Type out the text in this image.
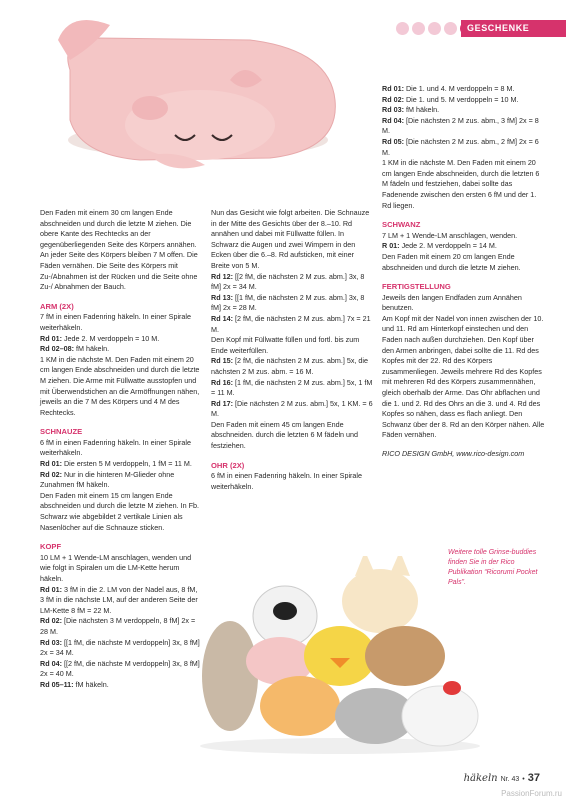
GESCHENKE

Den Faden mit einem 30 cm langen Ende abschneiden und durch die letzte M ziehen. Die obere Kante des Rechtecks an der gegenüberliegenden Seite des Körpers annähen. An jeder Seite des Körpers bleiben 7 M offen. Die Fäden vernähen. Die Seite des Körpers mit Zu-/Abnahmen ist der Rücken und die Seite ohne Zu-/ Abnahmen der Bauch.

ARM (2X)

7 fM in einen Fadenring häkeln. In einer Spirale weiterhäkeln.

Rd 01: Jede 2. M verdoppeln = 10 M.

Rd 02–08: fM häkeln.

1 KM in die nächste M. Den Faden mit einem 20 cm langen Ende abschneiden und durch die letzte M ziehen. Die Arme mit Füllwatte ausstopfen und mit Überwendstichen an die Armöffnungen nähen, jeweils an die 7 M des Körpers und 4 M des Rechtecks.

SCHNAUZE

6 fM in einen Fadenring häkeln. In einer Spirale weiterhäkeln.

Rd 01: Die ersten 5 M verdoppeln, 1 fM = 11 M.

Rd 02: Nur in die hinteren M-Glieder ohne Zunahmen fM häkeln.

Den Faden mit einem 15 cm langen Ende abschneiden und durch die letzte M ziehen. In Fb. Schwarz wie abgebildet 2 vertikale Linien als Nasenlöcher auf die Schnauze sticken.

KOPF

10 LM + 1 Wende-LM anschlagen, wenden und wie folgt in Spiralen um die LM-Kette herum häkeln.

Rd 01: 3 fM in die 2. LM von der Nadel aus, 8 fM, 3 fM in die nächste LM, auf der anderen Seite der LM-Kette 8 fM = 22 M.

Rd 02: [Die nächsten 3 M verdoppeln, 8 fM] 2x = 28 M.

Rd 03: [[1 fM, die nächste M verdoppeln] 3x, 8 fM] 2x = 34 M.

Rd 04: [[2 fM, die nächste M verdoppeln] 3x, 8 fM] 2x = 40 M.

Rd 05–11: fM häkeln.

Nun das Gesicht wie folgt arbeiten. Die Schnauze in der Mitte des Gesichts über der 8.–10. Rd annähen und dabei mit Füllwatte füllen. In Schwarz die Augen und zwei Wimpern in den Ecken über die 6.–8. Rd aufsticken, mit einer Breite von 5 M.

Rd 12: [[2 fM, die nächsten 2 M zus. abm.] 3x, 8 fM] 2x = 34 M.

Rd 13: [[1 fM, die nächsten 2 M zus. abm.] 3x, 8 fM] 2x = 28 M.

Rd 14: [2 fM, die nächsten 2 M zus. abm.] 7x = 21 M.

Den Kopf mit Füllwatte füllen und fortl. bis zum Ende weiterfüllen.

Rd 15: [2 fM, die nächsten 2 M zus. abm.] 5x, die nächsten 2 M zus. abm. = 16 M.

Rd 16: [1 fM, die nächsten 2 M zus. abm.] 5x, 1 fM = 11 M.

Rd 17: [Die nächsten 2 M zus. abm.] 5x, 1 KM. = 6 M.

Den Faden mit einem 45 cm langen Ende abschneiden. durch die letzten 6 M fädeln und festziehen.

OHR (2X)

6 fM in einen Fadenring häkeln. In einer Spirale weiterhäkeln.

Rd 01: Die 1. und 4. M verdoppeln = 8 M.

Rd 02: Die 1. und 5. M verdoppeln = 10 M.

Rd 03: fM häkeln.

Rd 04: [Die nächsten 2 M zus. abm., 3 fM] 2x = 8 M.

Rd 05: [Die nächsten 2 M zus. abm., 2 fM] 2x = 6 M.

1 KM in die nächste M. Den Faden mit einem 20 cm langen Ende abschneiden, durch die letzten 6 M fädeln und festziehen, dabei sollte das Fadenende zwischen den ersten 6 fM und der 1. Rd liegen.

SCHWANZ

7 LM + 1 Wende-LM anschlagen, wenden.

R 01: Jede 2. M verdoppeln = 14 M.

Den Faden mit einem 20 cm langen Ende abschneiden und durch die letzte M ziehen.

FERTIGSTELLUNG

Jeweils den langen Endfaden zum Annähen benutzen.

Am Kopf mit der Nadel von innen zwischen der 10. und 11. Rd am Hinterkopf einstechen und den Faden nach außen durchziehen. Den Kopf über den Armen anbringen, dabei sollte die 11. Rd des Kopfes mit der 22. Rd des Körpers zusammenliegen. Jeweils mehrere Rd des Kopfes mit mehreren Rd des Körpers zusammennähen, gleich oberhalb der Arme. Das Ohr abflachen und die 1. und 2. Rd des Ohrs an die 3. und 4. Rd des Kopfes so nähen, dass es flach anliegt. Den Schwanz über der 8. Rd an den Körper nähen. Alle Fäden vernähen.

RICO DESIGN GmbH, www.rico-design.com

Weitere tolle Grinse-buddies finden Sie in der Rico Publikation “Ricorumi Pocket Pals”.
häkeln Nr. 43 • 37
PassionForum.ru
